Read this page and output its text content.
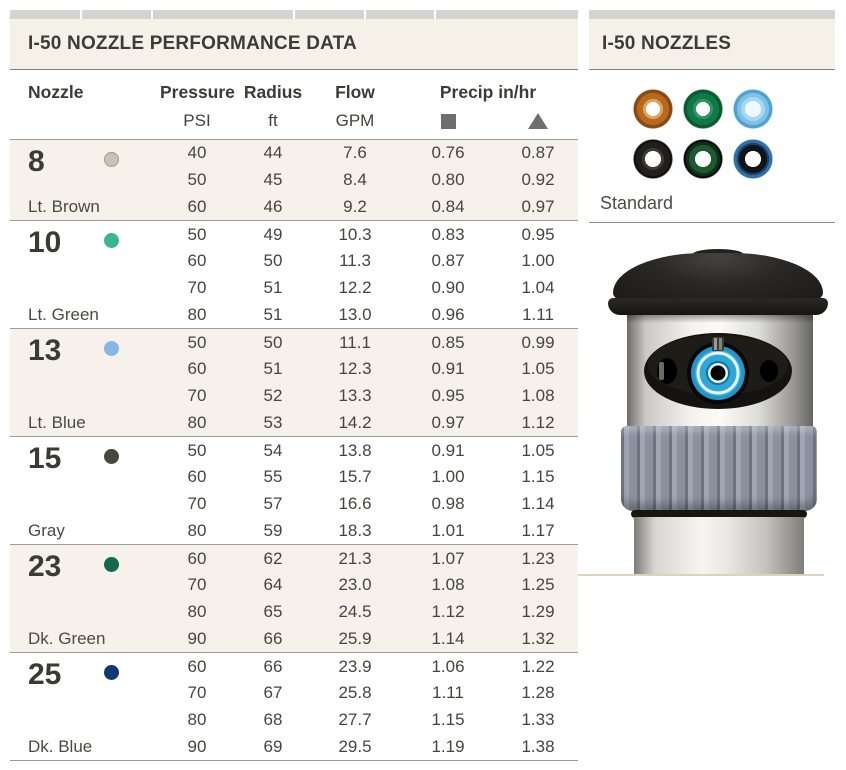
I-50 NOZZLE PERFORMANCE DATA
Nozzle	Pressure Radius	Flow	Precip in/hr
PSI	ft	GPM
8
Lt. Brown
40	44	7.6	0.76	0.87
50	45	8.4	0.80	0.92
60	46	9.2	0.84	0.97
10
Lt. Green
50	49	10.3	0.83	0.95
60	50	11.3	0.87	1.00
70	51	12.2	0.90	1.04
80	51	13.0	0.96	1.11
13
Lt. Blue
50	50	11.1	0.85	0.99
60	51	12.3	0.91	1.05
70	52	13.3	0.95	1.08
80	53	14.2	0.97	1.12
15
Gray
50	54	13.8	0.91	1.05
60	55	15.7	1.00	1.15
70	57	16.6	0.98	1.14
80	59	18.3	1.01	1.17
23
Dk. Green
60	62	21.3	1.07	1.23
70	64	23.0	1.08	1.25
80	65	24.5	1.12	1.29
90	66	25.9	1.14	1.32
25
Dk. Blue
60	66	23.9	1.06	1.22
70	67	25.8	1.11	1.28
80	68	27.7	1.15	1.33
90	69	29.5	1.19	1.38
I-50 NOZZLES
Standard
